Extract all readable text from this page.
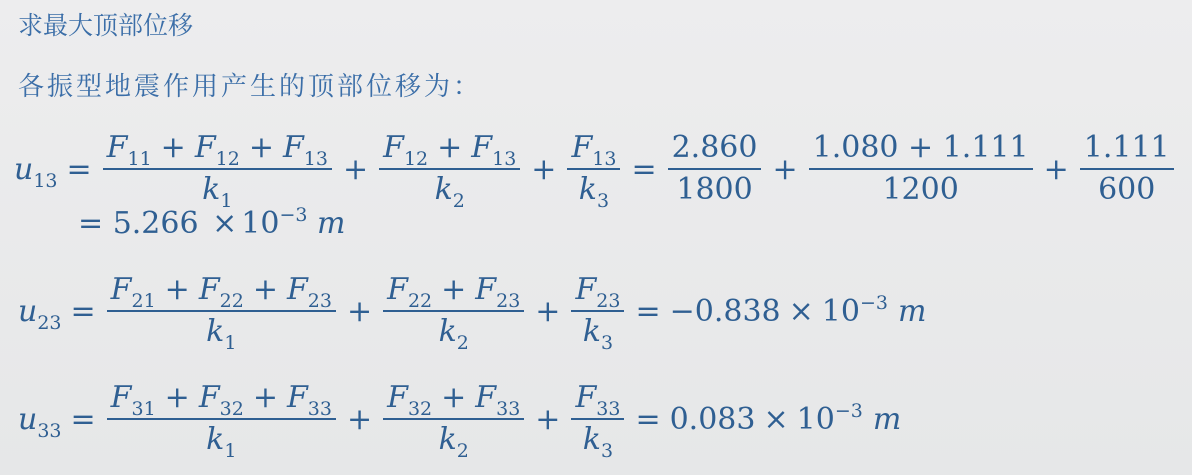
求最大顶部位移
各振型地震作用产生的顶部位移为：
$u_{13} = \frac{F_{11} + F_{12} + F_{13}}{k_1} + \frac{F_{12} + F_{13}}{k_2} + \frac{F_{13}}{k_3} = \frac{2.860}{1800} + \frac{1.080 + 1.111}{1200} + \frac{1.111}{600}$
= $5.266 \times 10^{-3}$ m
$u_{23} = \frac{F_{21} + F_{22} + F_{23}}{k_1} + \frac{F_{22} + F_{23}}{k_2} + \frac{F_{23}}{k_3} = -0.838 \times 10^{-3}$ m
$u_{33} = \frac{F_{31} + F_{32} + F_{33}}{k_1} + \frac{F_{32} + F_{33}}{k_2} + \frac{F_{33}}{k_3} = 0.083 \times 10^{-3}$ m
